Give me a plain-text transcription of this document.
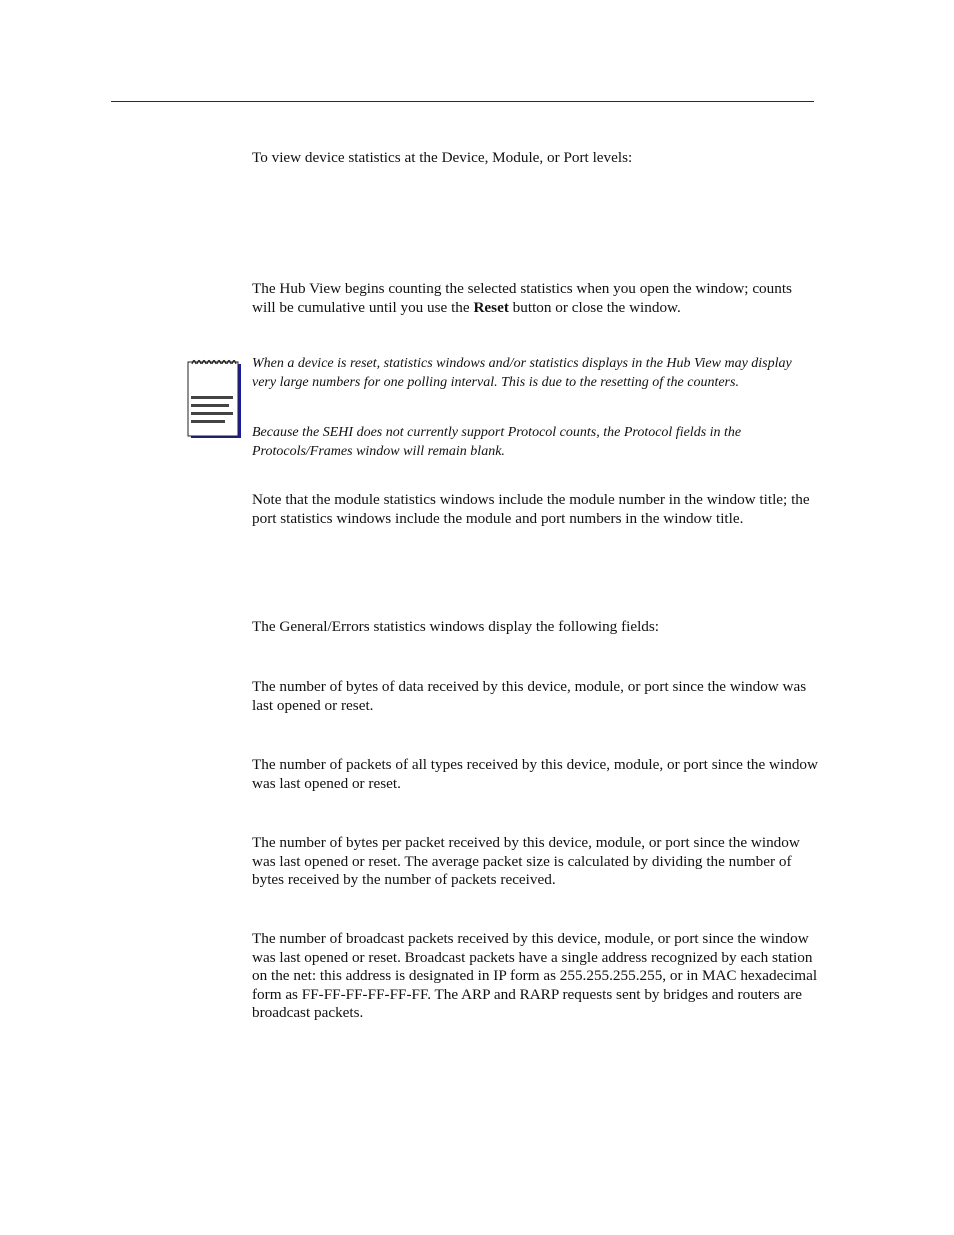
To view device statistics at the Device, Module, or Port levels:

The Hub View begins counting the selected statistics when you open the window; counts will be cumulative until you use the Reset button or close the window.

When a device is reset, statistics windows and/or statistics displays in the Hub View may display very large numbers for one polling interval. This is due to the resetting of the counters.

Because the SEHI does not currently support Protocol counts, the Protocol fields in the Protocols/Frames window will remain blank.

Note that the module statistics windows include the module number in the window title; the port statistics windows include the module and port numbers in the window title.

The General/Errors statistics windows display the following fields:

The number of bytes of data received by this device, module, or port since the window was last opened or reset.

The number of packets of all types received by this device, module, or port since the window was last opened or reset.

The number of bytes per packet received by this device, module, or port since the window was last opened or reset. The average packet size is calculated by dividing the number of bytes received by the number of packets received.

The number of broadcast packets received by this device, module, or port since the window was last opened or reset. Broadcast packets have a single address recognized by each station on the net: this address is designated in IP form as 255.255.255.255, or in MAC hexadecimal form as FF-FF-FF-FF-FF-FF. The ARP and RARP requests sent by bridges and routers are broadcast packets.
